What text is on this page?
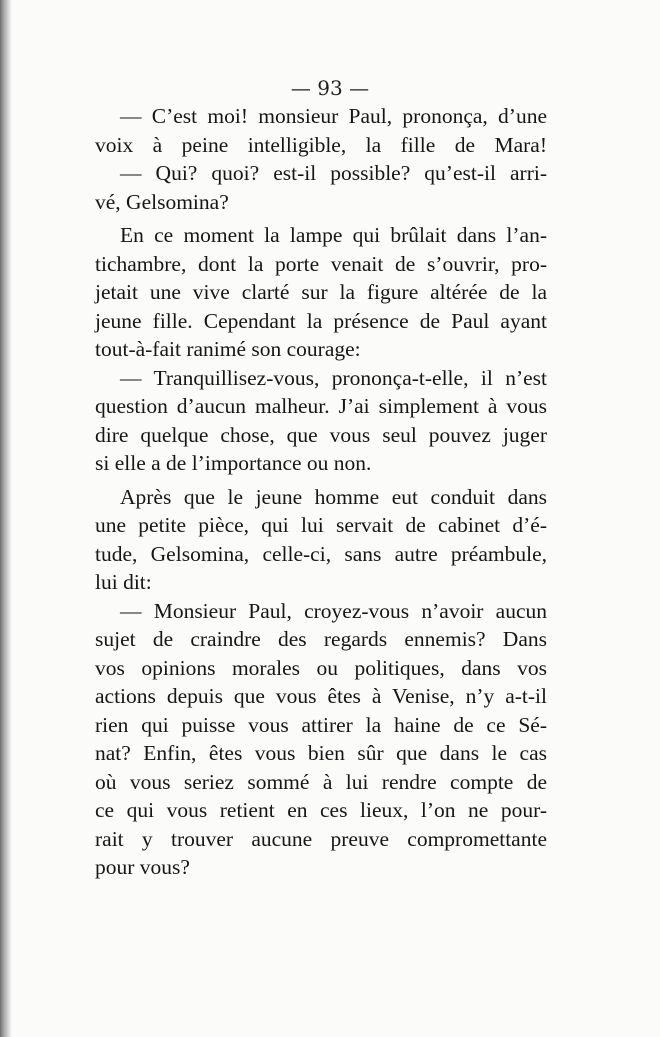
— 93 —
— C’est moi! monsieur Paul, prononça, d’une
voix à peine intelligible, la fille de Mara!
— Qui? quoi? est-il possible? qu’est-il arri-
vé, Gelsomina?
En ce moment la lampe qui brûlait dans l’an-
tichambre, dont la porte venait de s’ouvrir, pro-
jetait une vive clarté sur la figure altérée de la
jeune fille. Cependant la présence de Paul ayant
tout-à-fait ranimé son courage:
— Tranquillisez-vous, prononça-t-elle, il n’est
question d’aucun malheur. J’ai simplement à vous
dire quelque chose, que vous seul pouvez juger
si elle a de l’importance ou non.
Après que le jeune homme eut conduit dans
une petite pièce, qui lui servait de cabinet d’é-
tude, Gelsomina, celle-ci, sans autre préambule,
lui dit:
— Monsieur Paul, croyez-vous n’avoir aucun
sujet de craindre des regards ennemis? Dans
vos opinions morales ou politiques, dans vos
actions depuis que vous êtes à Venise, n’y a-t-il
rien qui puisse vous attirer la haine de ce Sé-
nat? Enfin, êtes vous bien sûr que dans le cas
où vous seriez sommé à lui rendre compte de
ce qui vous retient en ces lieux, l’on ne pour-
rait y trouver aucune preuve compromettante
pour vous?
